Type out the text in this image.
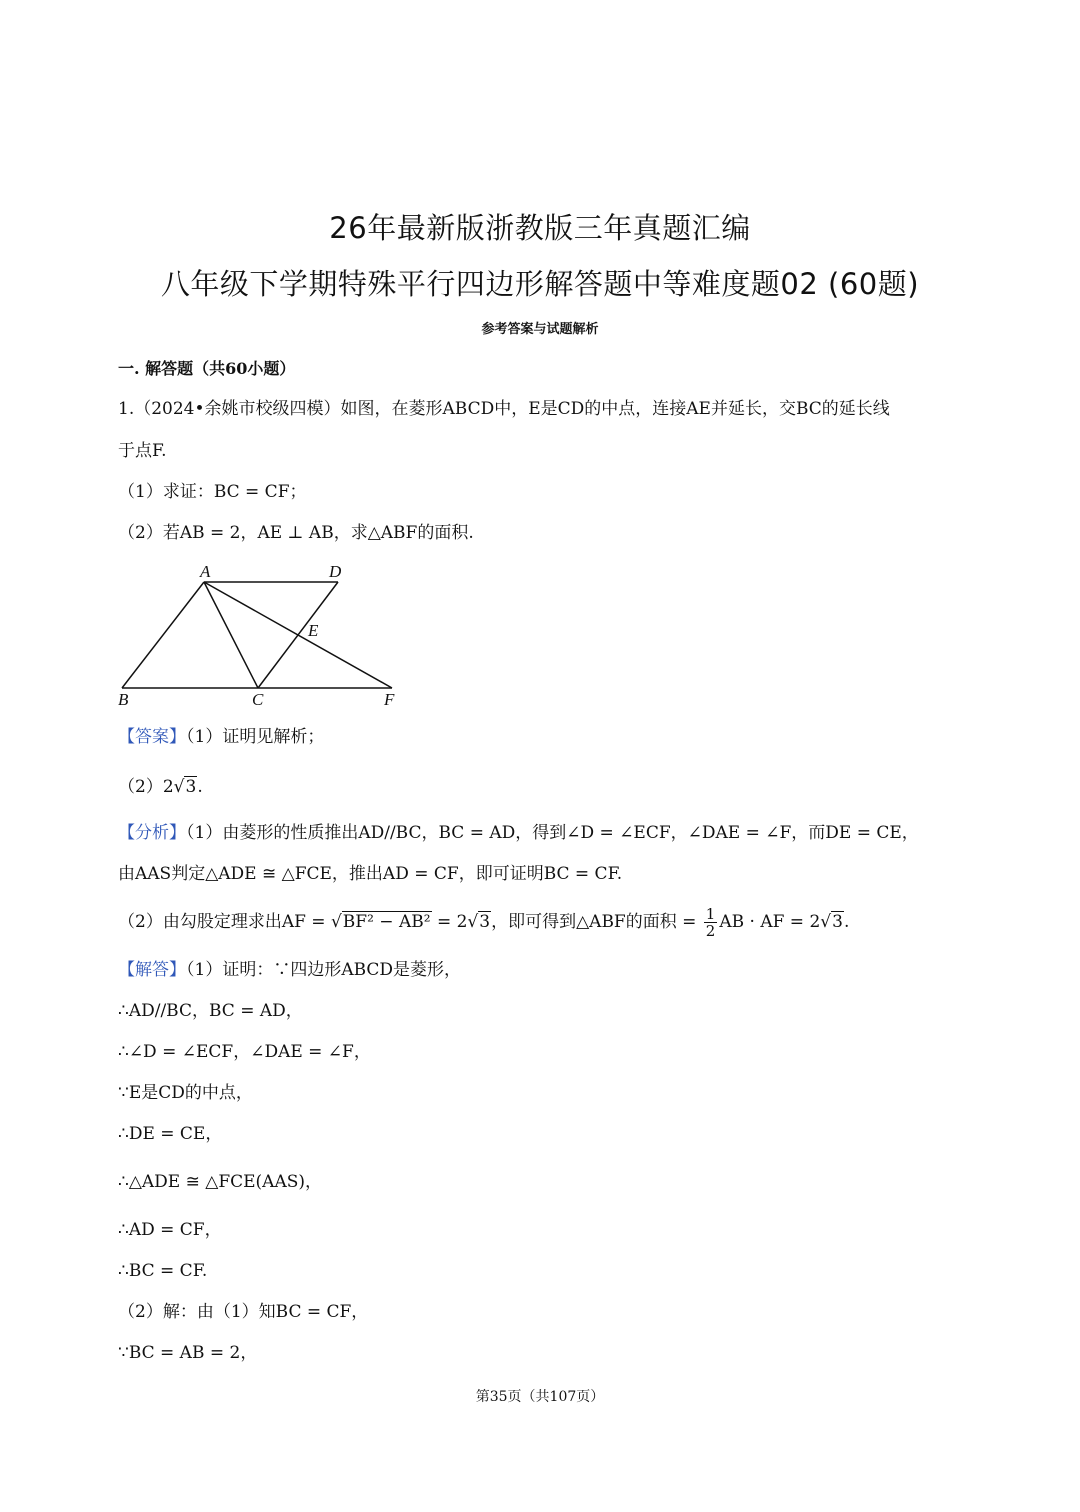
26年最新版浙教版三年真题汇编
八年级下学期特殊平行四边形解答题中等难度题02 (60题)
参考答案与试题解析
一. 解答题（共60小题）
1.（2024•余姚市校级四模）如图，在菱形ABCD中，E是CD的中点，连接AE并延长，交BC的延长线
于点F.
（1）求证：BC = CF；
（2）若AB = 2，AE ⊥ AB，求△ABF的面积.
A	D
E
B	C	F
【答案】（1）证明见解析；
（2）2√3.
【分析】（1）由菱形的性质推出AD//BC，BC = AD，得到∠D = ∠ECF，∠DAE = ∠F，而DE = CE，
由AAS判定△ADE ≅ △FCE，推出AD = CF，即可证明BC = CF.
（2）由勾股定理求出AF = √BF² − AB² = 2√3，即可得到△ABF的面积 = $\frac{1}{2}$ AB · AF = 2√3.
【解答】（1）证明：∵四边形ABCD是菱形，
∴AD//BC，BC = AD，
∴∠D = ∠ECF，∠DAE = ∠F，
∵E是CD的中点，
∴DE = CE，
∴△ADE ≅ △FCE(AAS)，
∴AD = CF，
∴BC = CF.
（2）解：由（1）知BC = CF，
∵BC = AB = 2，
第35页（共107页）
